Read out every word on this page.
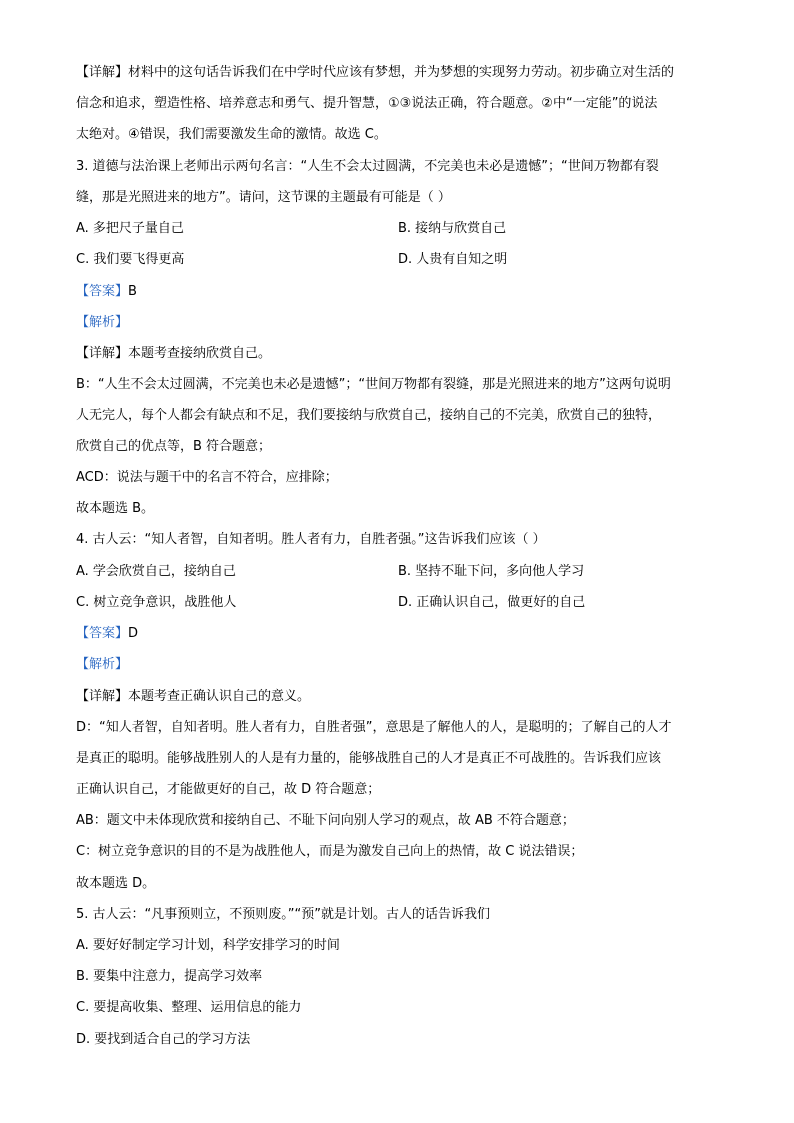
【详解】材料中的这句话告诉我们在中学时代应该有梦想，并为梦想的实现努力劳动。初步确立对生活的
信念和追求，塑造性格、培养意志和勇气、提升智慧，①③说法正确，符合题意。②中“一定能”的说法
太绝对。④错误，我们需要激发生命的激情。故选 C。
3. 道德与法治课上老师出示两句名言：“人生不会太过圆满，不完美也未必是遗憾”；“世间万物都有裂
缝，那是光照进来的地方”。请问，这节课的主题最有可能是（ ）
A. 多把尺子量自己	B. 接纳与欣赏自己
C. 我们要飞得更高	D. 人贵有自知之明
【答案】B
【解析】
【详解】本题考查接纳欣赏自己。
B：“人生不会太过圆满，不完美也未必是遗憾”；“世间万物都有裂缝，那是光照进来的地方”这两句说明
人无完人，每个人都会有缺点和不足，我们要接纳与欣赏自己，接纳自己的不完美，欣赏自己的独特，
欣赏自己的优点等，B 符合题意；
ACD：说法与题干中的名言不符合，应排除；
故本题选 B。
4. 古人云：“知人者智，自知者明。胜人者有力，自胜者强。”这告诉我们应该（ ）
A. 学会欣赏自己，接纳自己	B. 坚持不耻下问，多向他人学习
C. 树立竞争意识，战胜他人	D. 正确认识自己，做更好的自己
【答案】D
【解析】
【详解】本题考查正确认识自己的意义。
D：“知人者智，自知者明。胜人者有力，自胜者强”，意思是了解他人的人，是聪明的；了解自己的人才
是真正的聪明。能够战胜别人的人是有力量的，能够战胜自己的人才是真正不可战胜的。告诉我们应该
正确认识自己，才能做更好的自己，故 D 符合题意；
AB：题文中未体现欣赏和接纳自己、不耻下问向别人学习的观点，故 AB 不符合题意；
C：树立竞争意识的目的不是为战胜他人，而是为激发自己向上的热情，故 C 说法错误；
故本题选 D。
5. 古人云：“凡事预则立，不预则废。”“预”就是计划。古人的话告诉我们
A. 要好好制定学习计划，科学安排学习的时间
B. 要集中注意力，提高学习效率
C. 要提高收集、整理、运用信息的能力
D. 要找到适合自己的学习方法
